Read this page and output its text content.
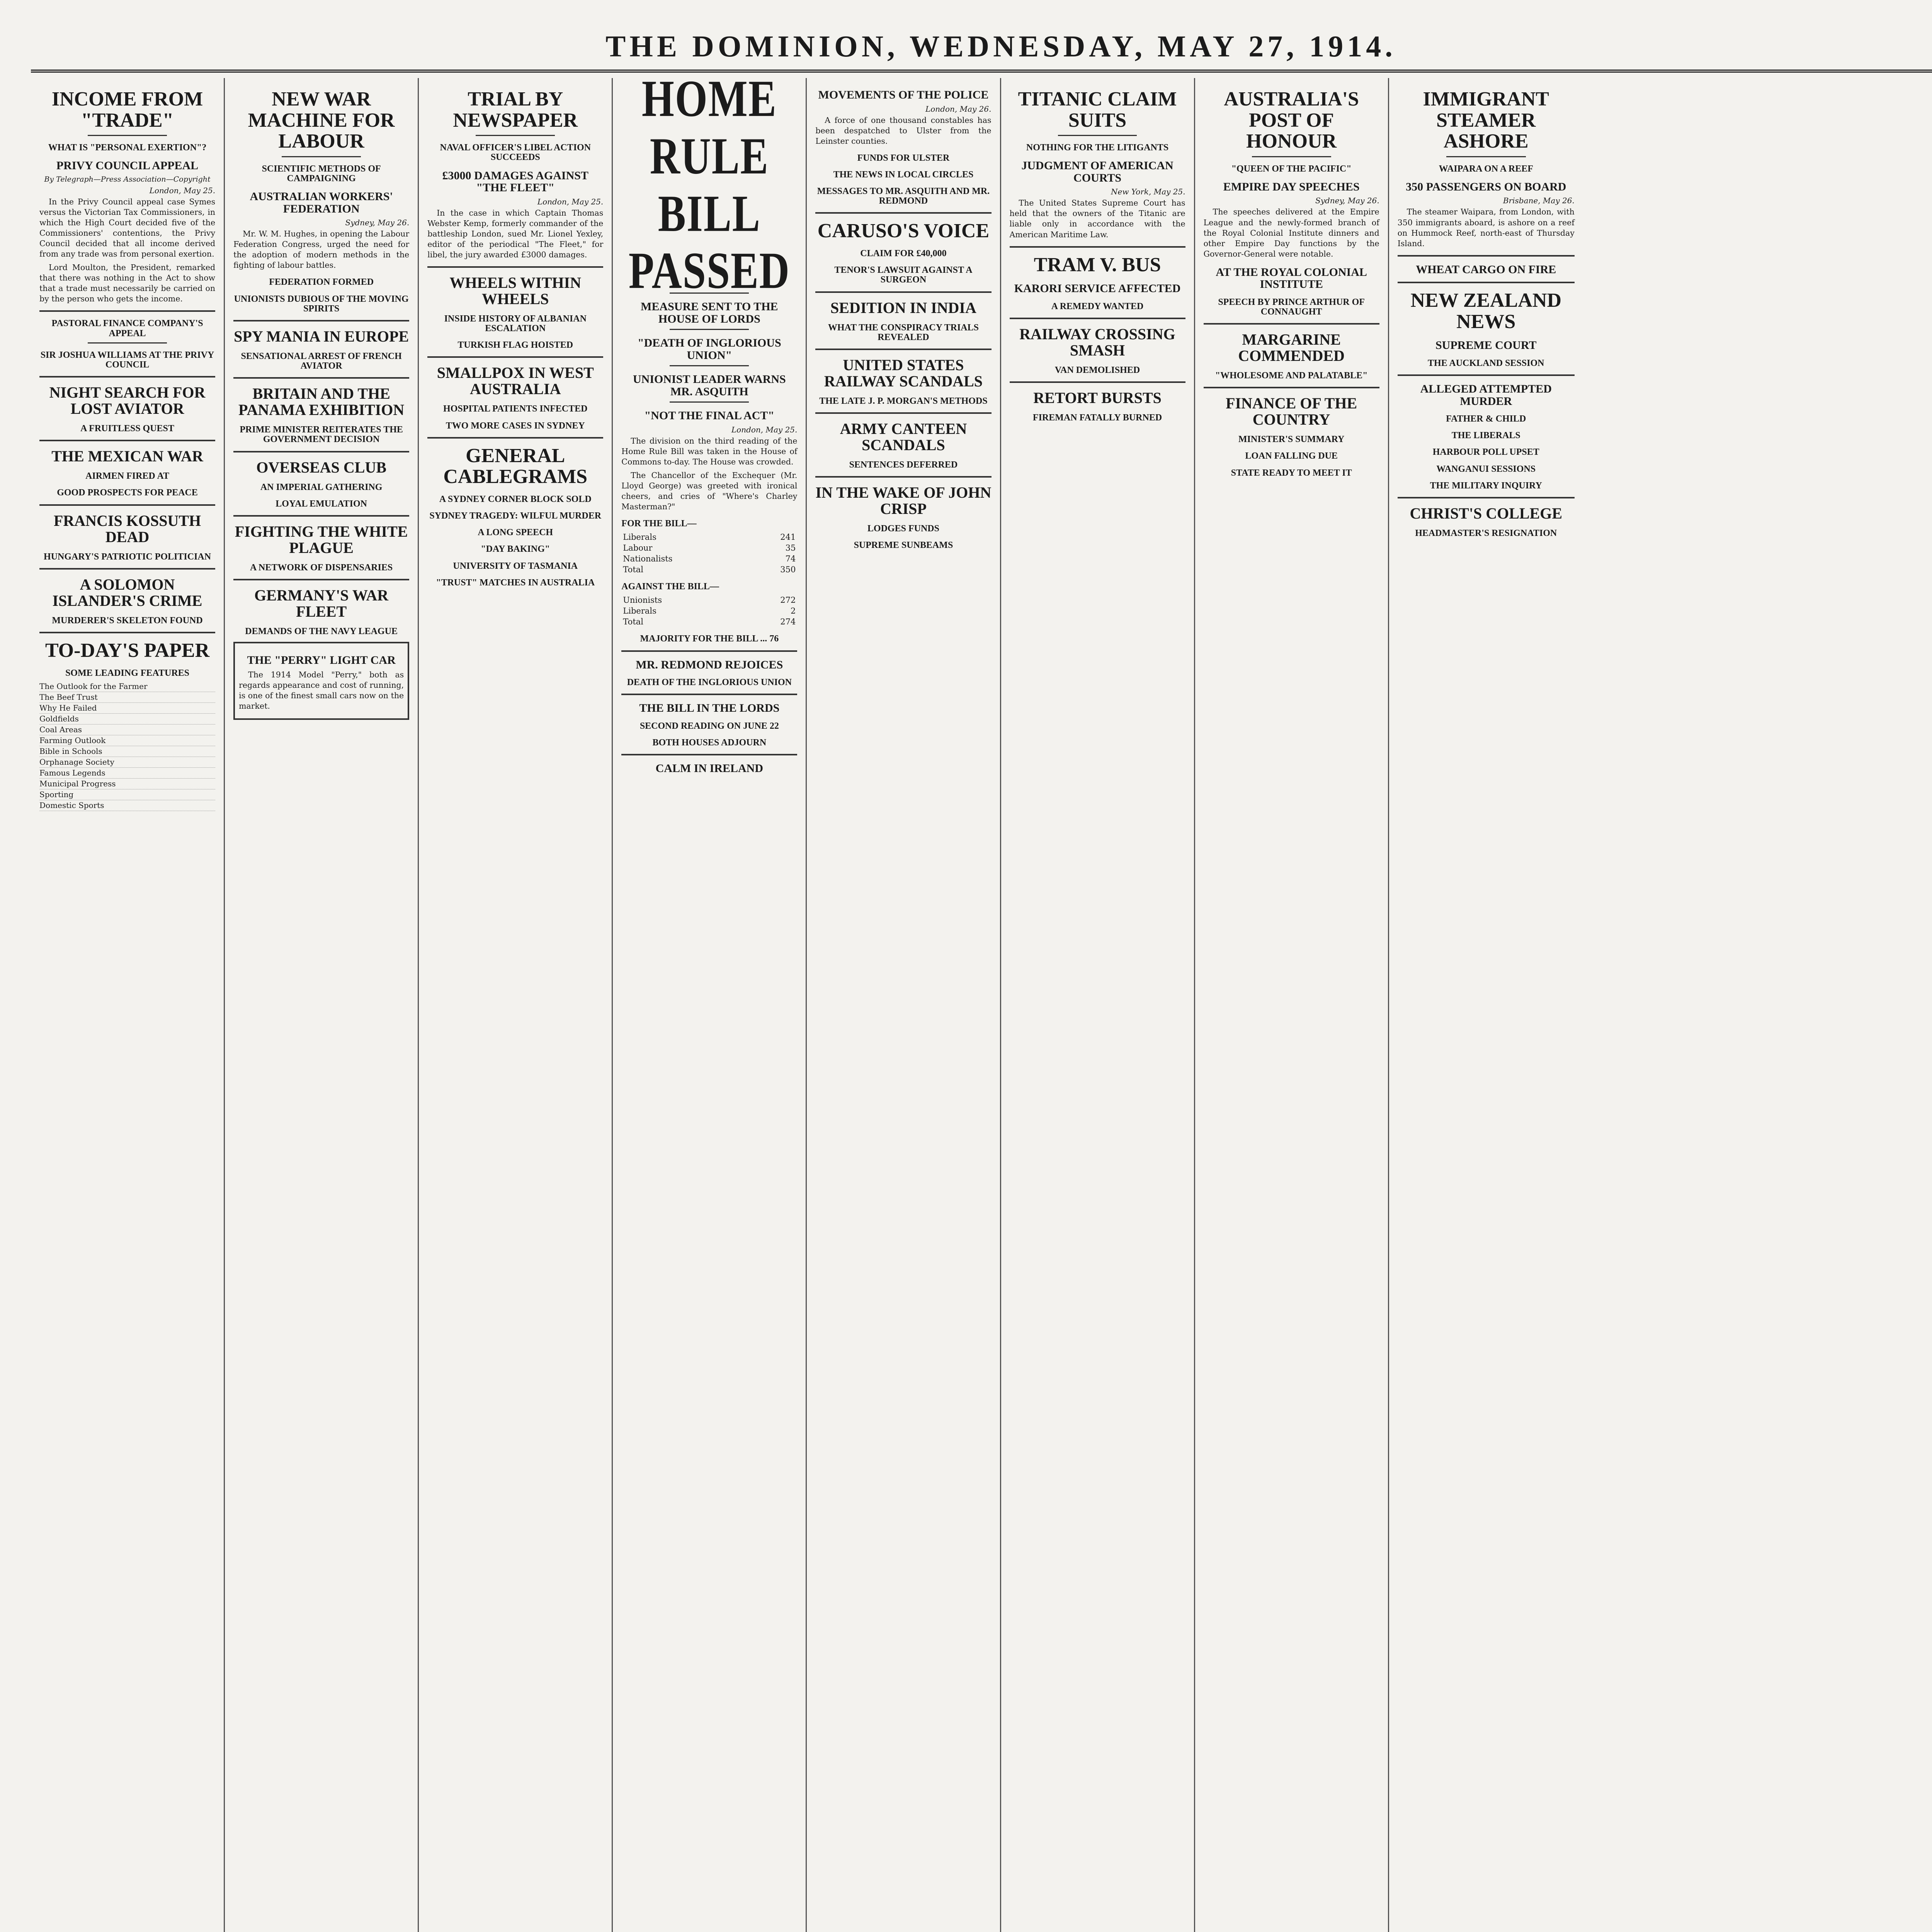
THE DOMINION, WEDNESDAY, MAY 27, 1914.
INCOME FROM "TRADE"
WHAT IS "PERSONAL EXERTION"?
PRIVY COUNCIL APPEAL
By Telegraph—Press Association—Copyright
London, May 25.

In the Privy Council appeal case Symes versus the Victorian Tax Commissioners, in which the High Court decided five of the Commissioners' contentions, the Privy Council decided that all income derived from any trade was from personal exertion.

Lord Moulton, the President, remarked that there was nothing in the Act to show that a trade must necessarily be carried on by the person who gets the income.

PASTORAL FINANCE COMPANY'S APPEAL
SIR JOSHUA WILLIAMS AT THE PRIVY COUNCIL
NIGHT SEARCH FOR LOST AVIATOR
A FRUITLESS QUEST
THE MEXICAN WAR
AIRMEN FIRED AT
GOOD PROSPECTS FOR PEACE
FRANCIS KOSSUTH DEAD
HUNGARY'S PATRIOTIC POLITICIAN
A SOLOMON ISLANDER'S CRIME
MURDERER'S SKELETON FOUND
TO-DAY'S PAPER
SOME LEADING FEATURES
The Outlook for the Farmer
The Beef Trust
Why He Failed
Goldfields
Coal Areas
Farming Outlook
Bible in Schools
Orphanage Society
Famous Legends
Municipal Progress
Sporting
Domestic Sports
NEW WAR MACHINE FOR LABOUR
SCIENTIFIC METHODS OF CAMPAIGNING
AUSTRALIAN WORKERS' FEDERATION
Sydney, May 26.

Mr. W. M. Hughes, in opening the Labour Federation Congress, urged the need for the adoption of modern methods in the fighting of labour battles.

FEDERATION FORMED
UNIONISTS DUBIOUS OF THE MOVING SPIRITS
SPY MANIA IN EUROPE
SENSATIONAL ARREST OF FRENCH AVIATOR
BRITAIN AND THE PANAMA EXHIBITION
PRIME MINISTER REITERATES THE GOVERNMENT DECISION
OVERSEAS CLUB
AN IMPERIAL GATHERING
LOYAL EMULATION
FIGHTING THE WHITE PLAGUE
A NETWORK OF DISPENSARIES
GERMANY'S WAR FLEET
DEMANDS OF THE NAVY LEAGUE
THE "PERRY" LIGHT CAR

The 1914 Model "Perry," both as regards appearance and cost of running, is one of the finest small cars now on the market.

TRIAL BY NEWSPAPER
NAVAL OFFICER'S LIBEL ACTION SUCCEEDS
£3000 DAMAGES AGAINST "THE FLEET"
London, May 25.

In the case in which Captain Thomas Webster Kemp, formerly commander of the battleship London, sued Mr. Lionel Yexley, editor of the periodical "The Fleet," for libel, the jury awarded £3000 damages.

WHEELS WITHIN WHEELS
INSIDE HISTORY OF ALBANIAN ESCALATION
TURKISH FLAG HOISTED
SMALLPOX IN WEST AUSTRALIA
HOSPITAL PATIENTS INFECTED
TWO MORE CASES IN SYDNEY
GENERAL CABLEGRAMS
A SYDNEY CORNER BLOCK SOLD
SYDNEY TRAGEDY: WILFUL MURDER
A LONG SPEECH
"DAY BAKING"
UNIVERSITY OF TASMANIA
"TRUST" MATCHES IN AUSTRALIA
HOME RULE BILL PASSED
MEASURE SENT TO THE HOUSE OF LORDS
"DEATH OF INGLORIOUS UNION"
UNIONIST LEADER WARNS MR. ASQUITH
"NOT THE FINAL ACT"
London, May 25.

The division on the third reading of the Home Rule Bill was taken in the House of Commons to-day. The House was crowded.

The Chancellor of the Exchequer (Mr. Lloyd George) was greeted with ironical cheers, and cries of "Where's Charley Masterman?"

FOR THE BILL—
Liberals	241
Labour	35
Nationalists	74
Total	350
AGAINST THE BILL—
Unionists	272
Liberals	2
Total	274
MAJORITY FOR THE BILL ... 76
MR. REDMOND REJOICES
DEATH OF THE INGLORIOUS UNION
THE BILL IN THE LORDS
SECOND READING ON JUNE 22
BOTH HOUSES ADJOURN
CALM IN IRELAND
MOVEMENTS OF THE POLICE
London, May 26.

A force of one thousand constables has been despatched to Ulster from the Leinster counties.

FUNDS FOR ULSTER
THE NEWS IN LOCAL CIRCLES
MESSAGES TO MR. ASQUITH AND MR. REDMOND
CARUSO'S VOICE
CLAIM FOR £40,000
TENOR'S LAWSUIT AGAINST A SURGEON
SEDITION IN INDIA
WHAT THE CONSPIRACY TRIALS REVEALED
UNITED STATES RAILWAY SCANDALS
THE LATE J. P. MORGAN'S METHODS
ARMY CANTEEN SCANDALS
SENTENCES DEFERRED
IN THE WAKE OF JOHN CRISP
LODGES FUNDS
SUPREME SUNBEAMS
TITANIC CLAIM SUITS
NOTHING FOR THE LITIGANTS
JUDGMENT OF AMERICAN COURTS
New York, May 25.

The United States Supreme Court has held that the owners of the Titanic are liable only in accordance with the American Maritime Law.

TRAM V. BUS
KARORI SERVICE AFFECTED
A REMEDY WANTED
RAILWAY CROSSING SMASH
VAN DEMOLISHED
RETORT BURSTS
FIREMAN FATALLY BURNED
AUSTRALIA'S POST OF HONOUR
"QUEEN OF THE PACIFIC"
EMPIRE DAY SPEECHES
Sydney, May 26.

The speeches delivered at the Empire League and the newly-formed branch of the Royal Colonial Institute dinners and other Empire Day functions by the Governor-General were notable.

AT THE ROYAL COLONIAL INSTITUTE
SPEECH BY PRINCE ARTHUR OF CONNAUGHT
MARGARINE COMMENDED
"WHOLESOME AND PALATABLE"
FINANCE OF THE COUNTRY
MINISTER'S SUMMARY
LOAN FALLING DUE
STATE READY TO MEET IT
IMMIGRANT STEAMER ASHORE
WAIPARA ON A REEF
350 PASSENGERS ON BOARD
Brisbane, May 26.

The steamer Waipara, from London, with 350 immigrants aboard, is ashore on a reef on Hummock Reef, north-east of Thursday Island.

WHEAT CARGO ON FIRE
NEW ZEALAND NEWS
SUPREME COURT
THE AUCKLAND SESSION
ALLEGED ATTEMPTED MURDER
FATHER & CHILD
THE LIBERALS
HARBOUR POLL UPSET
WANGANUI SESSIONS
THE MILITARY INQUIRY
CHRIST'S COLLEGE
HEADMASTER'S RESIGNATION
